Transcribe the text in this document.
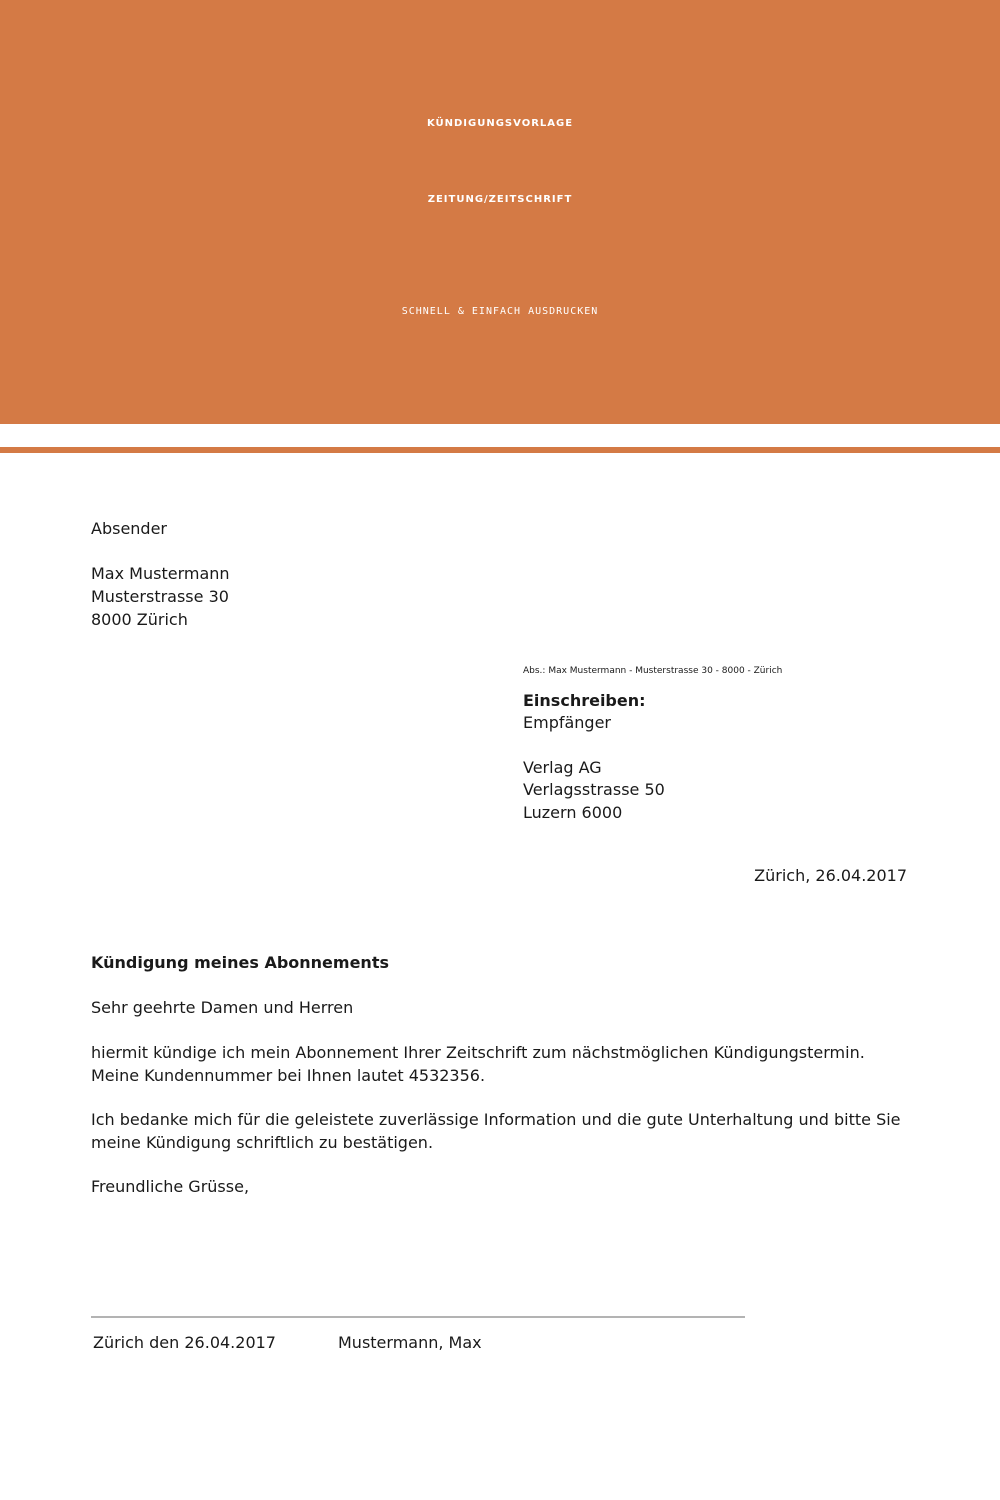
KÜNDIGUNGSVORLAGE
ZEITUNG/ZEITSCHRIFT
SCHNELL & EINFACH AUSDRUCKEN
Absender
Max Mustermann
Musterstrasse 30
8000 Zürich
Abs.: Max Mustermann - Musterstrasse 30 - 8000 - Zürich
Einschreiben:
Empfänger
Verlag AG
Verlagsstrasse 50
Luzern 6000
Zürich, 26.04.2017
Kündigung meines Abonnements
Sehr geehrte Damen und Herren
hiermit kündige ich mein Abonnement Ihrer Zeitschrift zum nächstmöglichen Kündigungstermin.
Meine Kundennummer bei Ihnen lautet 4532356.
Ich bedanke mich für die geleistete zuverlässige Information und die gute Unterhaltung und bitte Sie
meine Kündigung schriftlich zu bestätigen.
Freundliche Grüsse,
Zürich den 26.04.2017	Mustermann, Max
